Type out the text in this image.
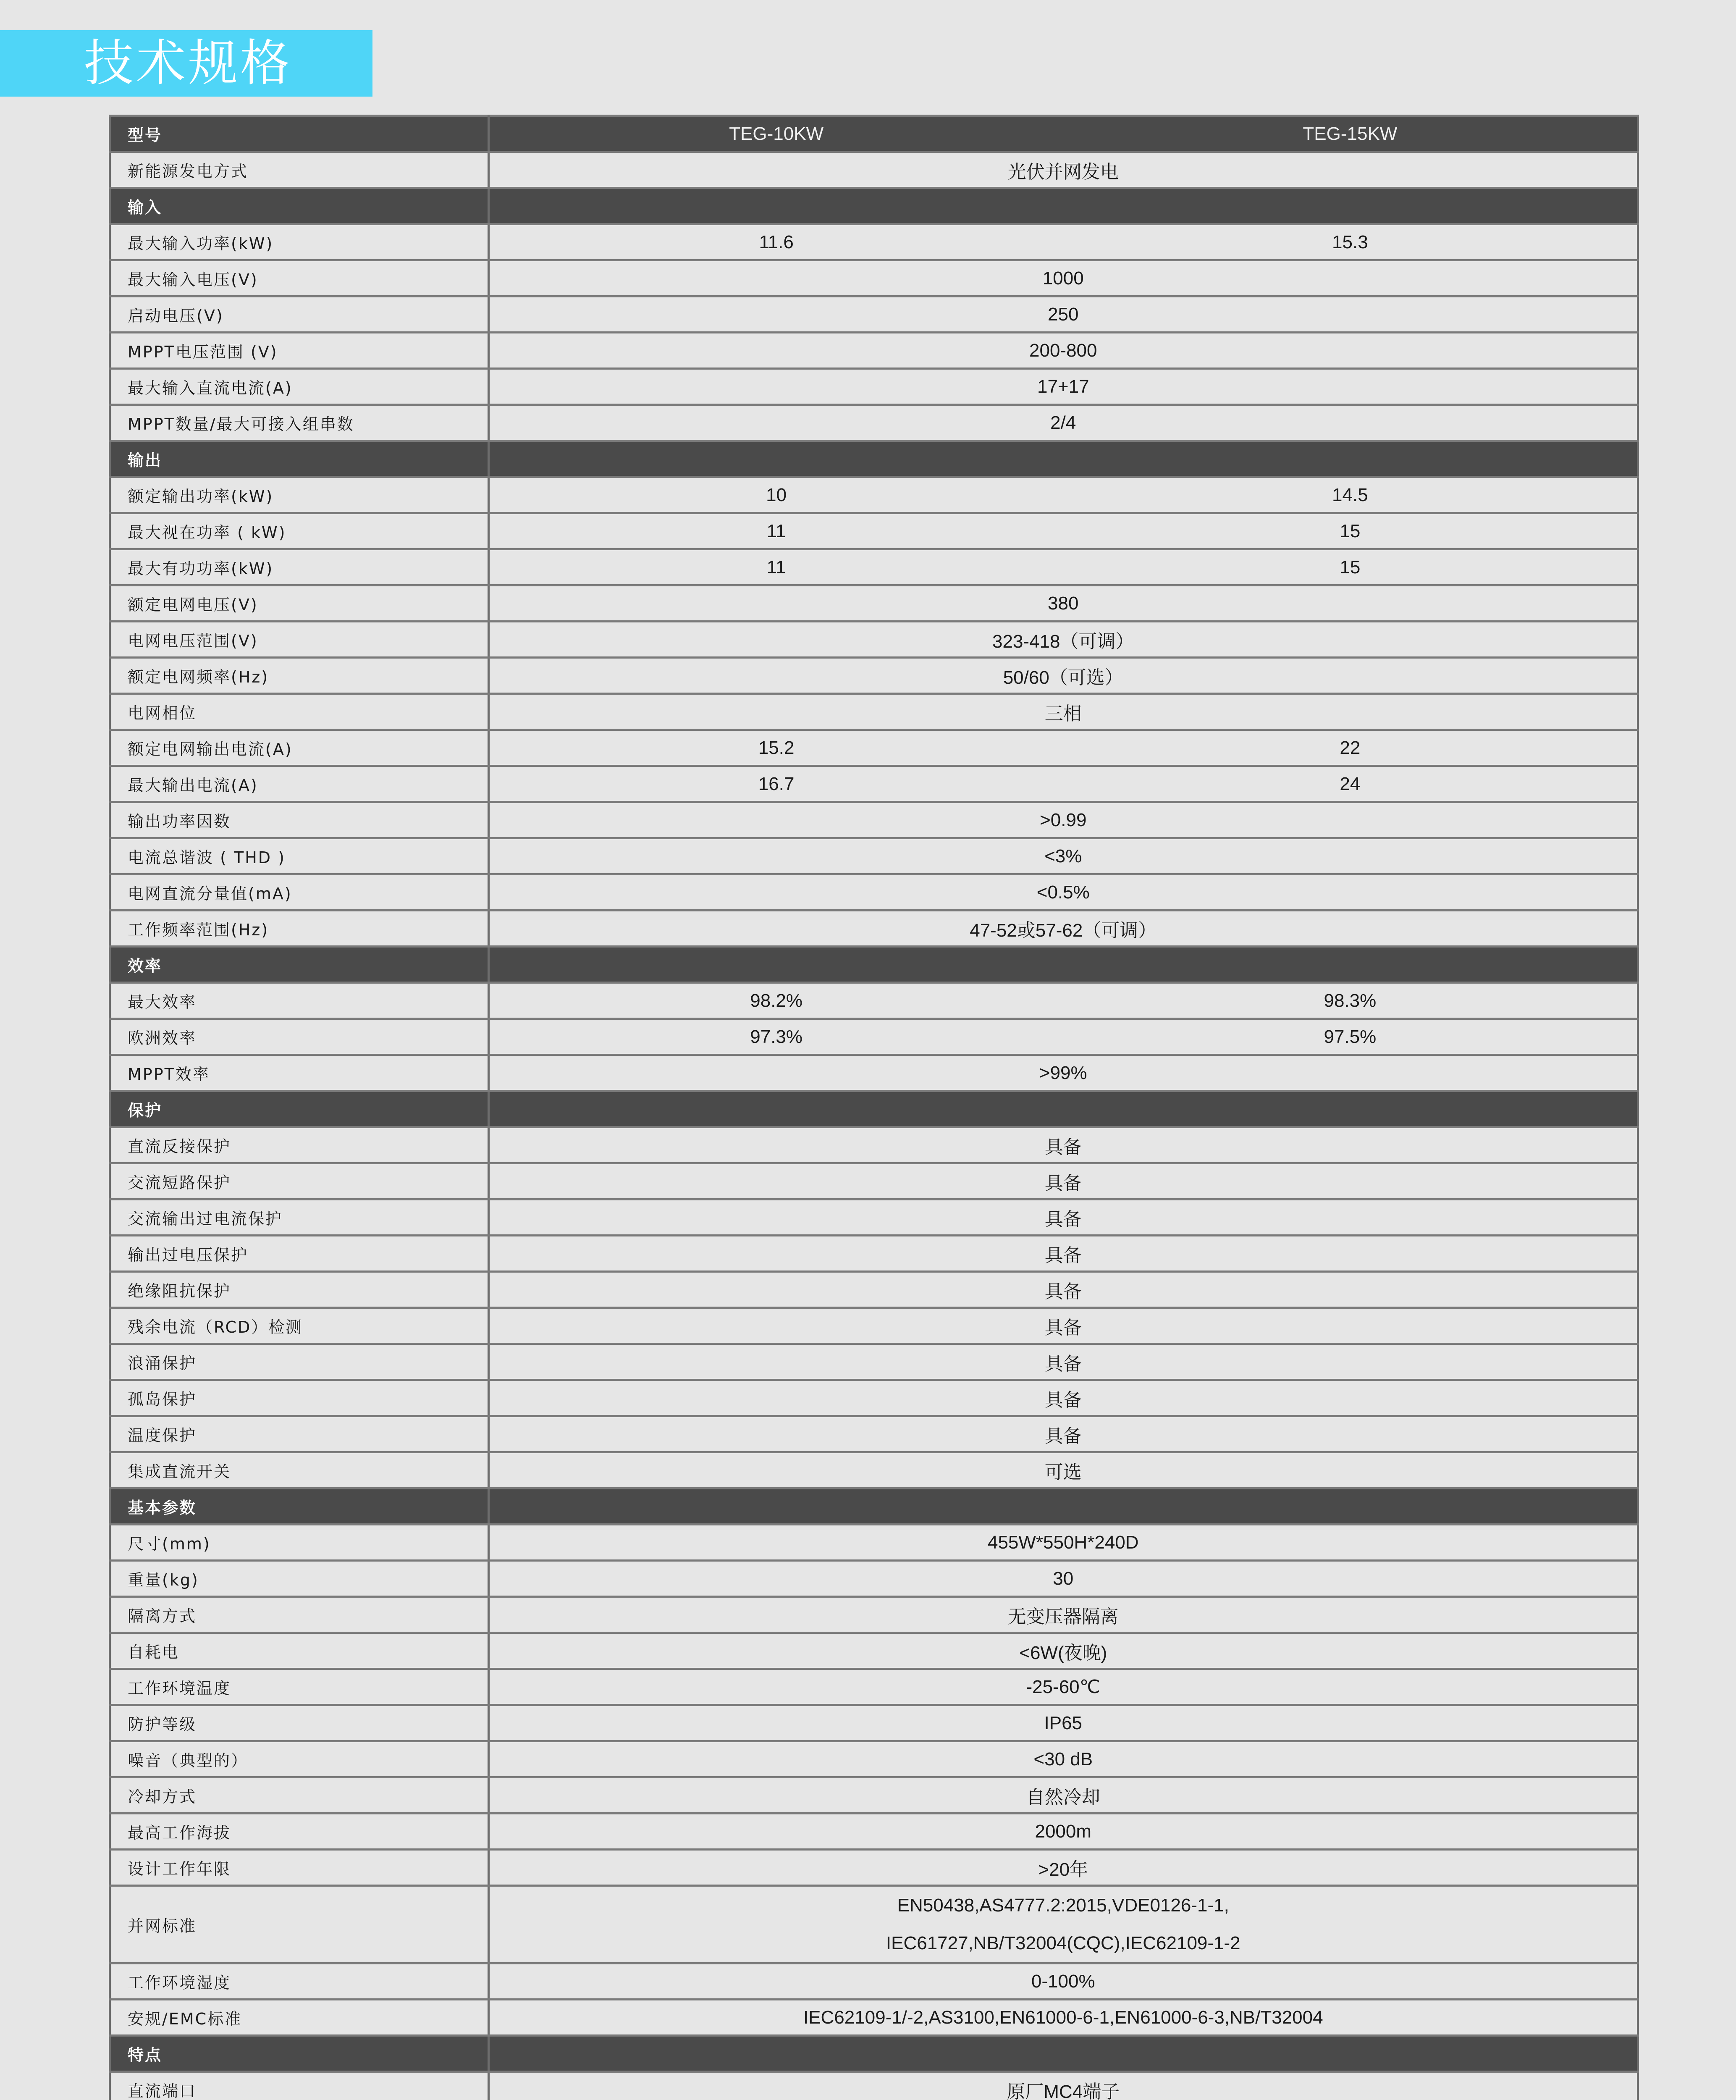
技术规格
型号	TEG-10KW	TEG-15KW
新能源发电方式	光伏并网发电	
输入		
最大输入功率(kW)	11.6	15.3
最大输入电压(V)	1000	
启动电压(V)	250	
MPPT电压范围 (V)	200-800	
最大输入直流电流(A)	17+17	
MPPT数量/最大可接入组串数	2/4	
输出		
额定输出功率(kW)	10	14.5
最大视在功率 ( kW)	11	15
最大有功功率(kW)	11	15
额定电网电压(V)	380	
电网电压范围(V)	323-418（可调）	
额定电网频率(Hz)	50/60（可选）	
电网相位	三相	
额定电网输出电流(A)	15.2	22
最大输出电流(A)	16.7	24
输出功率因数	>0.99	
电流总谐波 ( THD )	<3%	
电网直流分量值(mA)	<0.5%	
工作频率范围(Hz)	47-52或57-62（可调）	
效率		
最大效率	98.2%	98.3%
欧洲效率	97.3%	97.5%
MPPT效率	>99%	
保护		
直流反接保护	具备	
交流短路保护	具备	
交流输出过电流保护	具备	
输出过电压保护	具备	
绝缘阻抗保护	具备	
残余电流（RCD）检测	具备	
浪涌保护	具备	
孤岛保护	具备	
温度保护	具备	
集成直流开关	可选	
基本参数		
尺寸(mm)	455W*550H*240D	
重量(kg)	30	
隔离方式	无变压器隔离	
自耗电	<6W(夜晚)	
工作环境温度	-25-60℃	
防护等级	IP65	
噪音（典型的）	<30 dB	
冷却方式	自然冷却	
最高工作海拔	2000m	
设计工作年限	>20年	
并网标准	EN50438,AS4777.2:2015,VDE0126-1-1,
IEC61727,NB/T32004(CQC),IEC62109-1-2	

工作环境湿度	0-100%	
安规/EMC标准	IEC62109-1/-2,AS3100,EN61000-6-1,EN61000-6-3,NB/T32004	
特点		
直流端口	原厂MC4端子	
